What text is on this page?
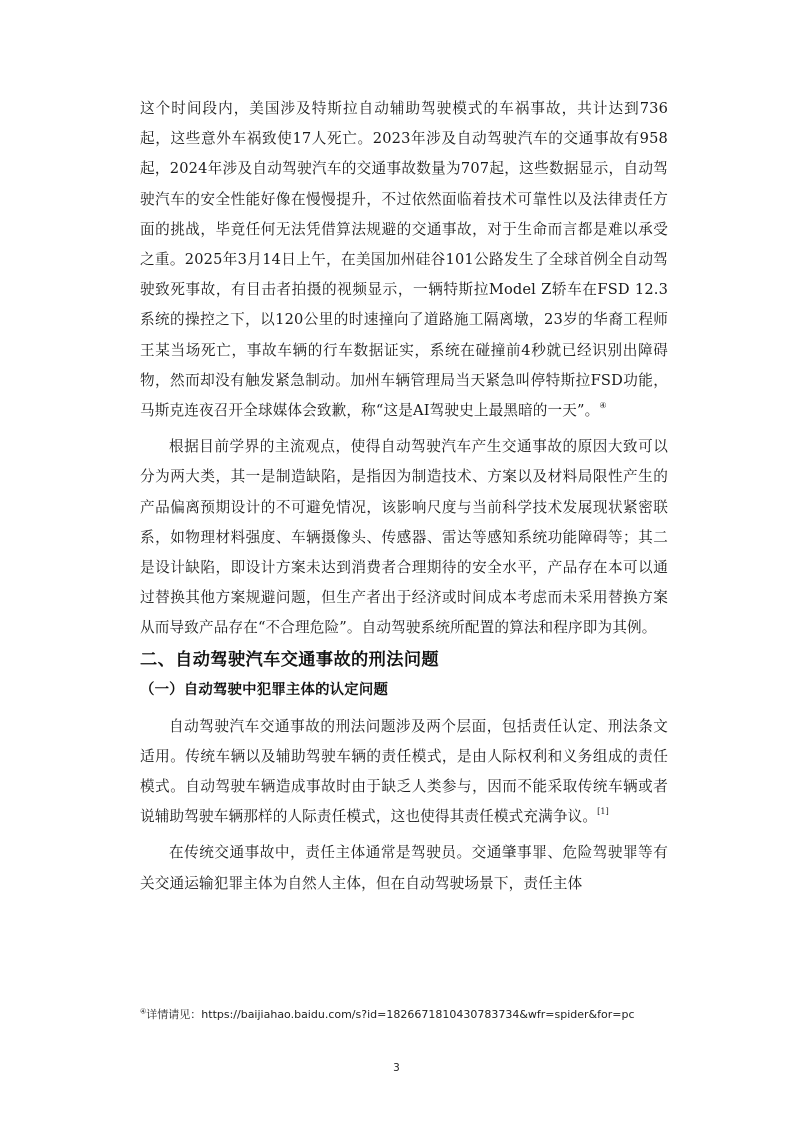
这个时间段内，美国涉及特斯拉自动辅助驾驶模式的车祸事故，共计达到736起，这些意外车祸致使17人死亡。2023年涉及自动驾驶汽车的交通事故有958起，2024年涉及自动驾驶汽车的交通事故数量为707起，这些数据显示，自动驾驶汽车的安全性能好像在慢慢提升，不过依然面临着技术可靠性以及法律责任方面的挑战，毕竟任何无法凭借算法规避的交通事故，对于生命而言都是难以承受之重。2025年3月14日上午，在美国加州硅谷101公路发生了全球首例全自动驾驶致死事故，有目击者拍摄的视频显示，一辆特斯拉Model Z轿车在FSD 12.3系统的操控之下，以120公里的时速撞向了道路施工隔离墩，23岁的华裔工程师王某当场死亡，事故车辆的行车数据证实，系统在碰撞前4秒就已经识别出障碍物，然而却没有触发紧急制动。加州车辆管理局当天紧急叫停特斯拉FSD功能，马斯克连夜召开全球媒体会致歉，称“这是AI驾驶史上最黑暗的一天”。④

根据目前学界的主流观点，使得自动驾驶汽车产生交通事故的原因大致可以分为两大类，其一是制造缺陷，是指因为制造技术、方案以及材料局限性产生的产品偏离预期设计的不可避免情况，该影响尺度与当前科学技术发展现状紧密联系，如物理材料强度、车辆摄像头、传感器、雷达等感知系统功能障碍等；其二是设计缺陷，即设计方案未达到消费者合理期待的安全水平，产品存在本可以通过替换其他方案规避问题，但生产者出于经济或时间成本考虑而未采用替换方案从而导致产品存在“不合理危险”。自动驾驶系统所配置的算法和程序即为其例。

二、自动驾驶汽车交通事故的刑法问题
（一）自动驾驶中犯罪主体的认定问题

自动驾驶汽车交通事故的刑法问题涉及两个层面，包括责任认定、刑法条文适用。传统车辆以及辅助驾驶车辆的责任模式，是由人际权利和义务组成的责任模式。自动驾驶车辆造成事故时由于缺乏人类参与，因而不能采取传统车辆或者说辅助驾驶车辆那样的人际责任模式，这也使得其责任模式充满争议。[1]

在传统交通事故中，责任主体通常是驾驶员。交通肇事罪、危险驾驶罪等有关交通运输犯罪主体为自然人主体，但在自动驾驶场景下，责任主体

④详情请见：https://baijiahao.baidu.com/s?id=1826671810430783734&wfr=spider&for=pc
3
